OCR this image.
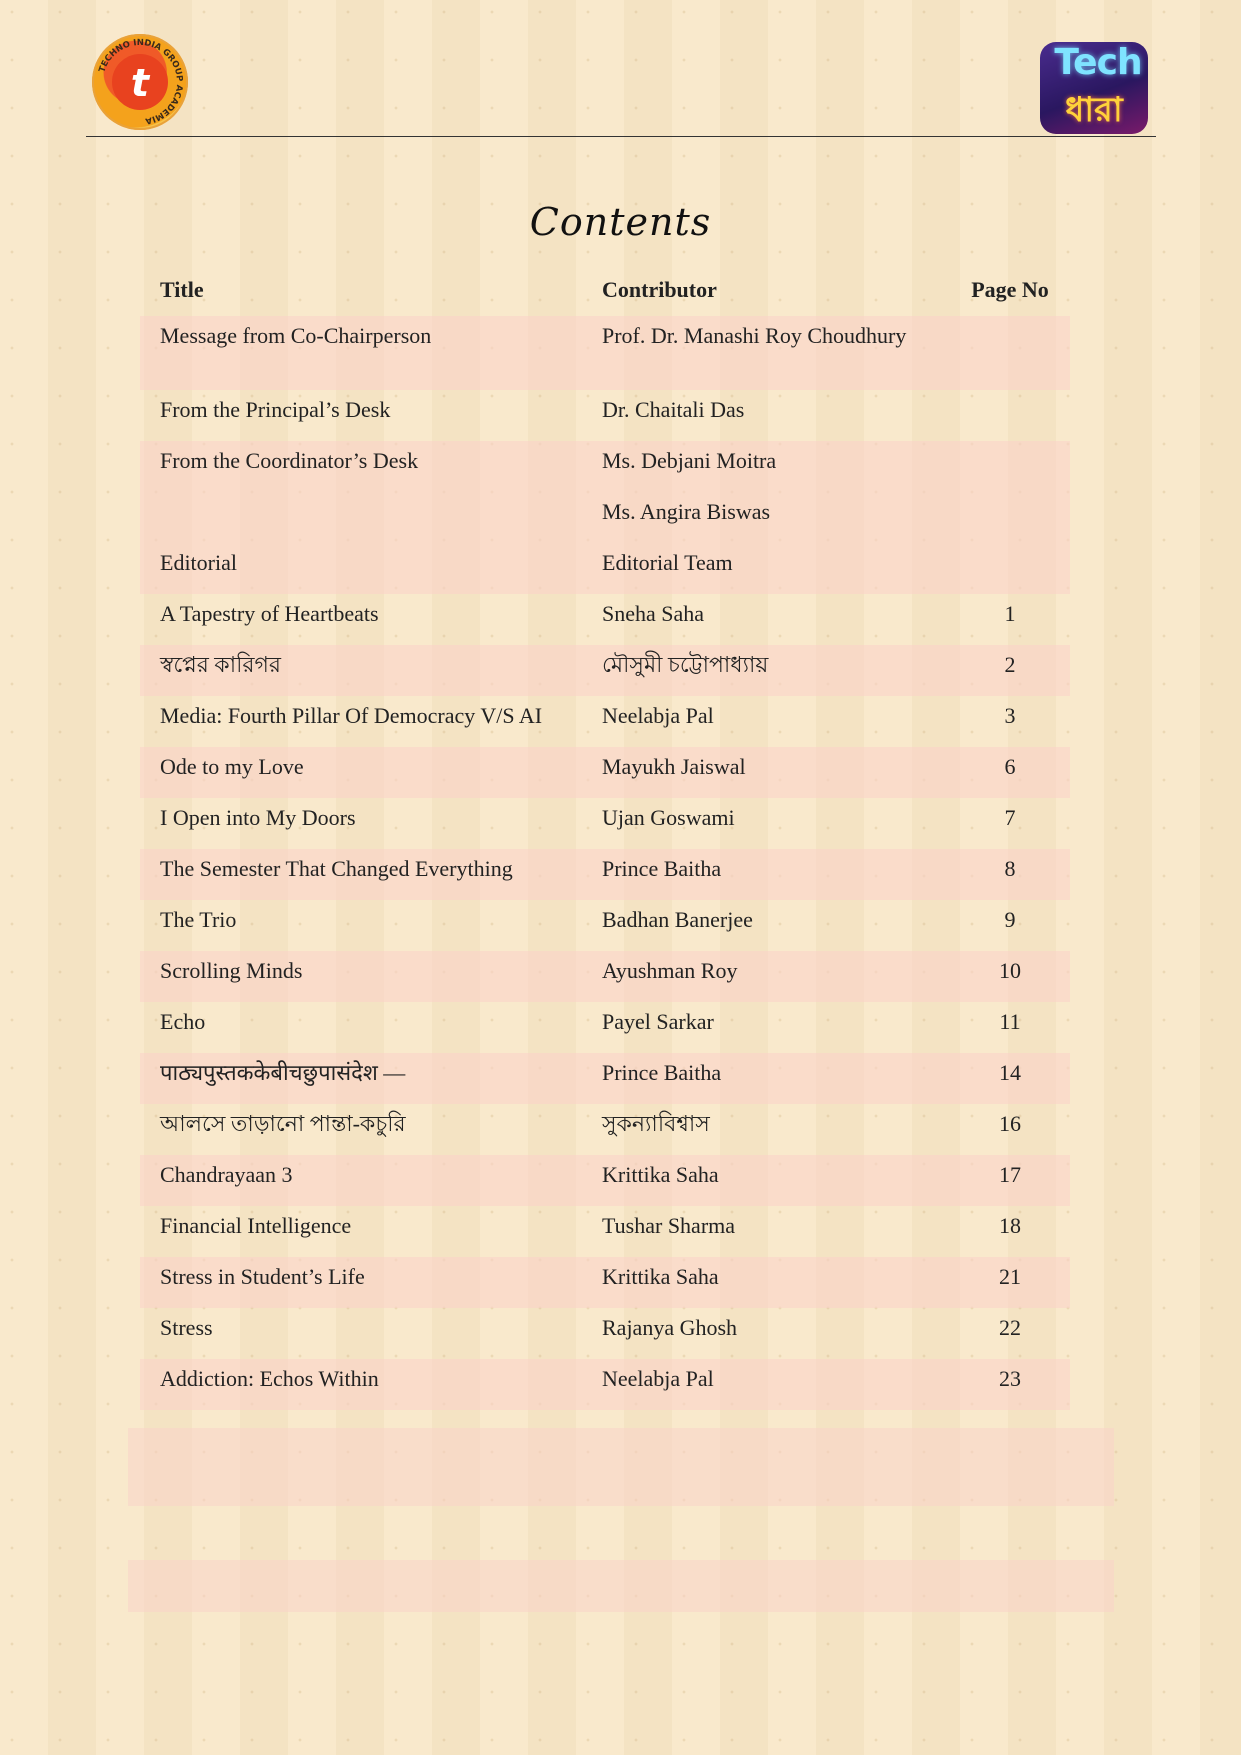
t
TECHNO INDIA GROUP ACADEMIA
Tech
ধারা
Contents
Title	Contributor	Page No
Message from Co-Chairperson	Prof. Dr. Manashi Roy Choudhury	
From the Principal’s Desk	Dr. Chaitali Das	
From the Coordinator’s Desk	Ms. Debjani Moitra	
	Ms. Angira Biswas	
Editorial	Editorial Team	
A Tapestry of Heartbeats	Sneha Saha	1
স্বপ্নের কারিগর	মৌসুমী চট্টোপাধ্যায়	2
Media: Fourth Pillar Of Democracy V/S AI	Neelabja Pal	3
Ode to my Love	Mayukh Jaiswal	6
I Open into My Doors	Ujan Goswami	7
The Semester That Changed Everything	Prince Baitha	8
The Trio	Badhan Banerjee	9
Scrolling Minds	Ayushman Roy	10
Echo	Payel Sarkar	11
पाठ्यपुस्तककेबीचछुपासंदेश —	Prince Baitha	14
আলসে তাড়ানো পান্তা-কচুরি	সুকন্যাবিশ্বাস	16
Chandrayaan 3	Krittika Saha	17
Financial Intelligence	Tushar Sharma	18
Stress in Student’s Life	Krittika Saha	21
Stress	Rajanya Ghosh	22
Addiction: Echos Within	Neelabja Pal	23
